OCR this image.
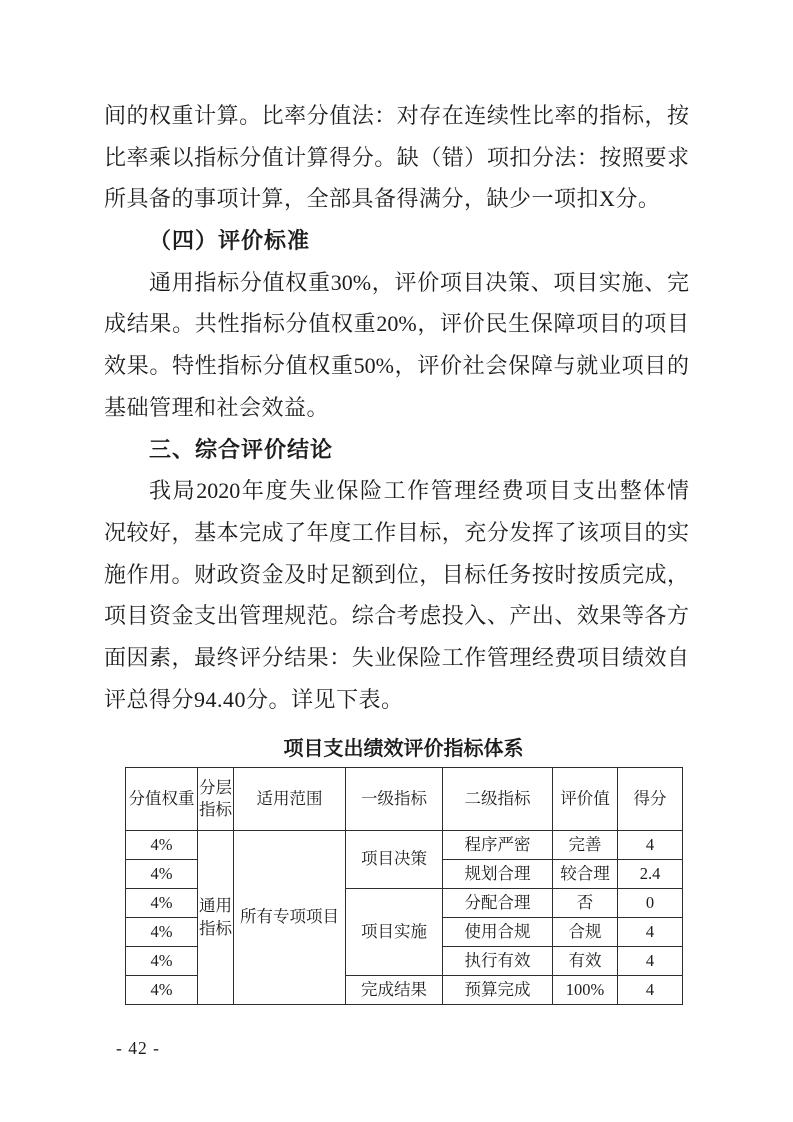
间的权重计算。比率分值法：对存在连续性比率的指标，按
比率乘以指标分值计算得分。缺（错）项扣分法：按照要求
所具备的事项计算，全部具备得满分，缺少一项扣X分。
（四）评价标准
通用指标分值权重30%，评价项目决策、项目实施、完
成结果。共性指标分值权重20%，评价民生保障项目的项目
效果。特性指标分值权重50%，评价社会保障与就业项目的
基础管理和社会效益。
三、综合评价结论
我局2020年度失业保险工作管理经费项目支出整体情
况较好，基本完成了年度工作目标，充分发挥了该项目的实
施作用。财政资金及时足额到位，目标任务按时按质完成，
项目资金支出管理规范。综合考虑投入、产出、效果等各方
面因素，最终评分结果：失业保险工作管理经费项目绩效自
评总得分94.40分。详见下表。
项目支出绩效评价指标体系
分值权重	分层指标	适用范围	一级指标	二级指标	评价值	得分
4%	通用指标	所有专项项目	项目决策	程序严密	完善	4
4%				规划合理	较合理	2.4
4%			项目实施	分配合理	否	0
4%				使用合规	合规	4
4%				执行有效	有效	4
4%			完成结果	预算完成	100%	4
- 42 -
